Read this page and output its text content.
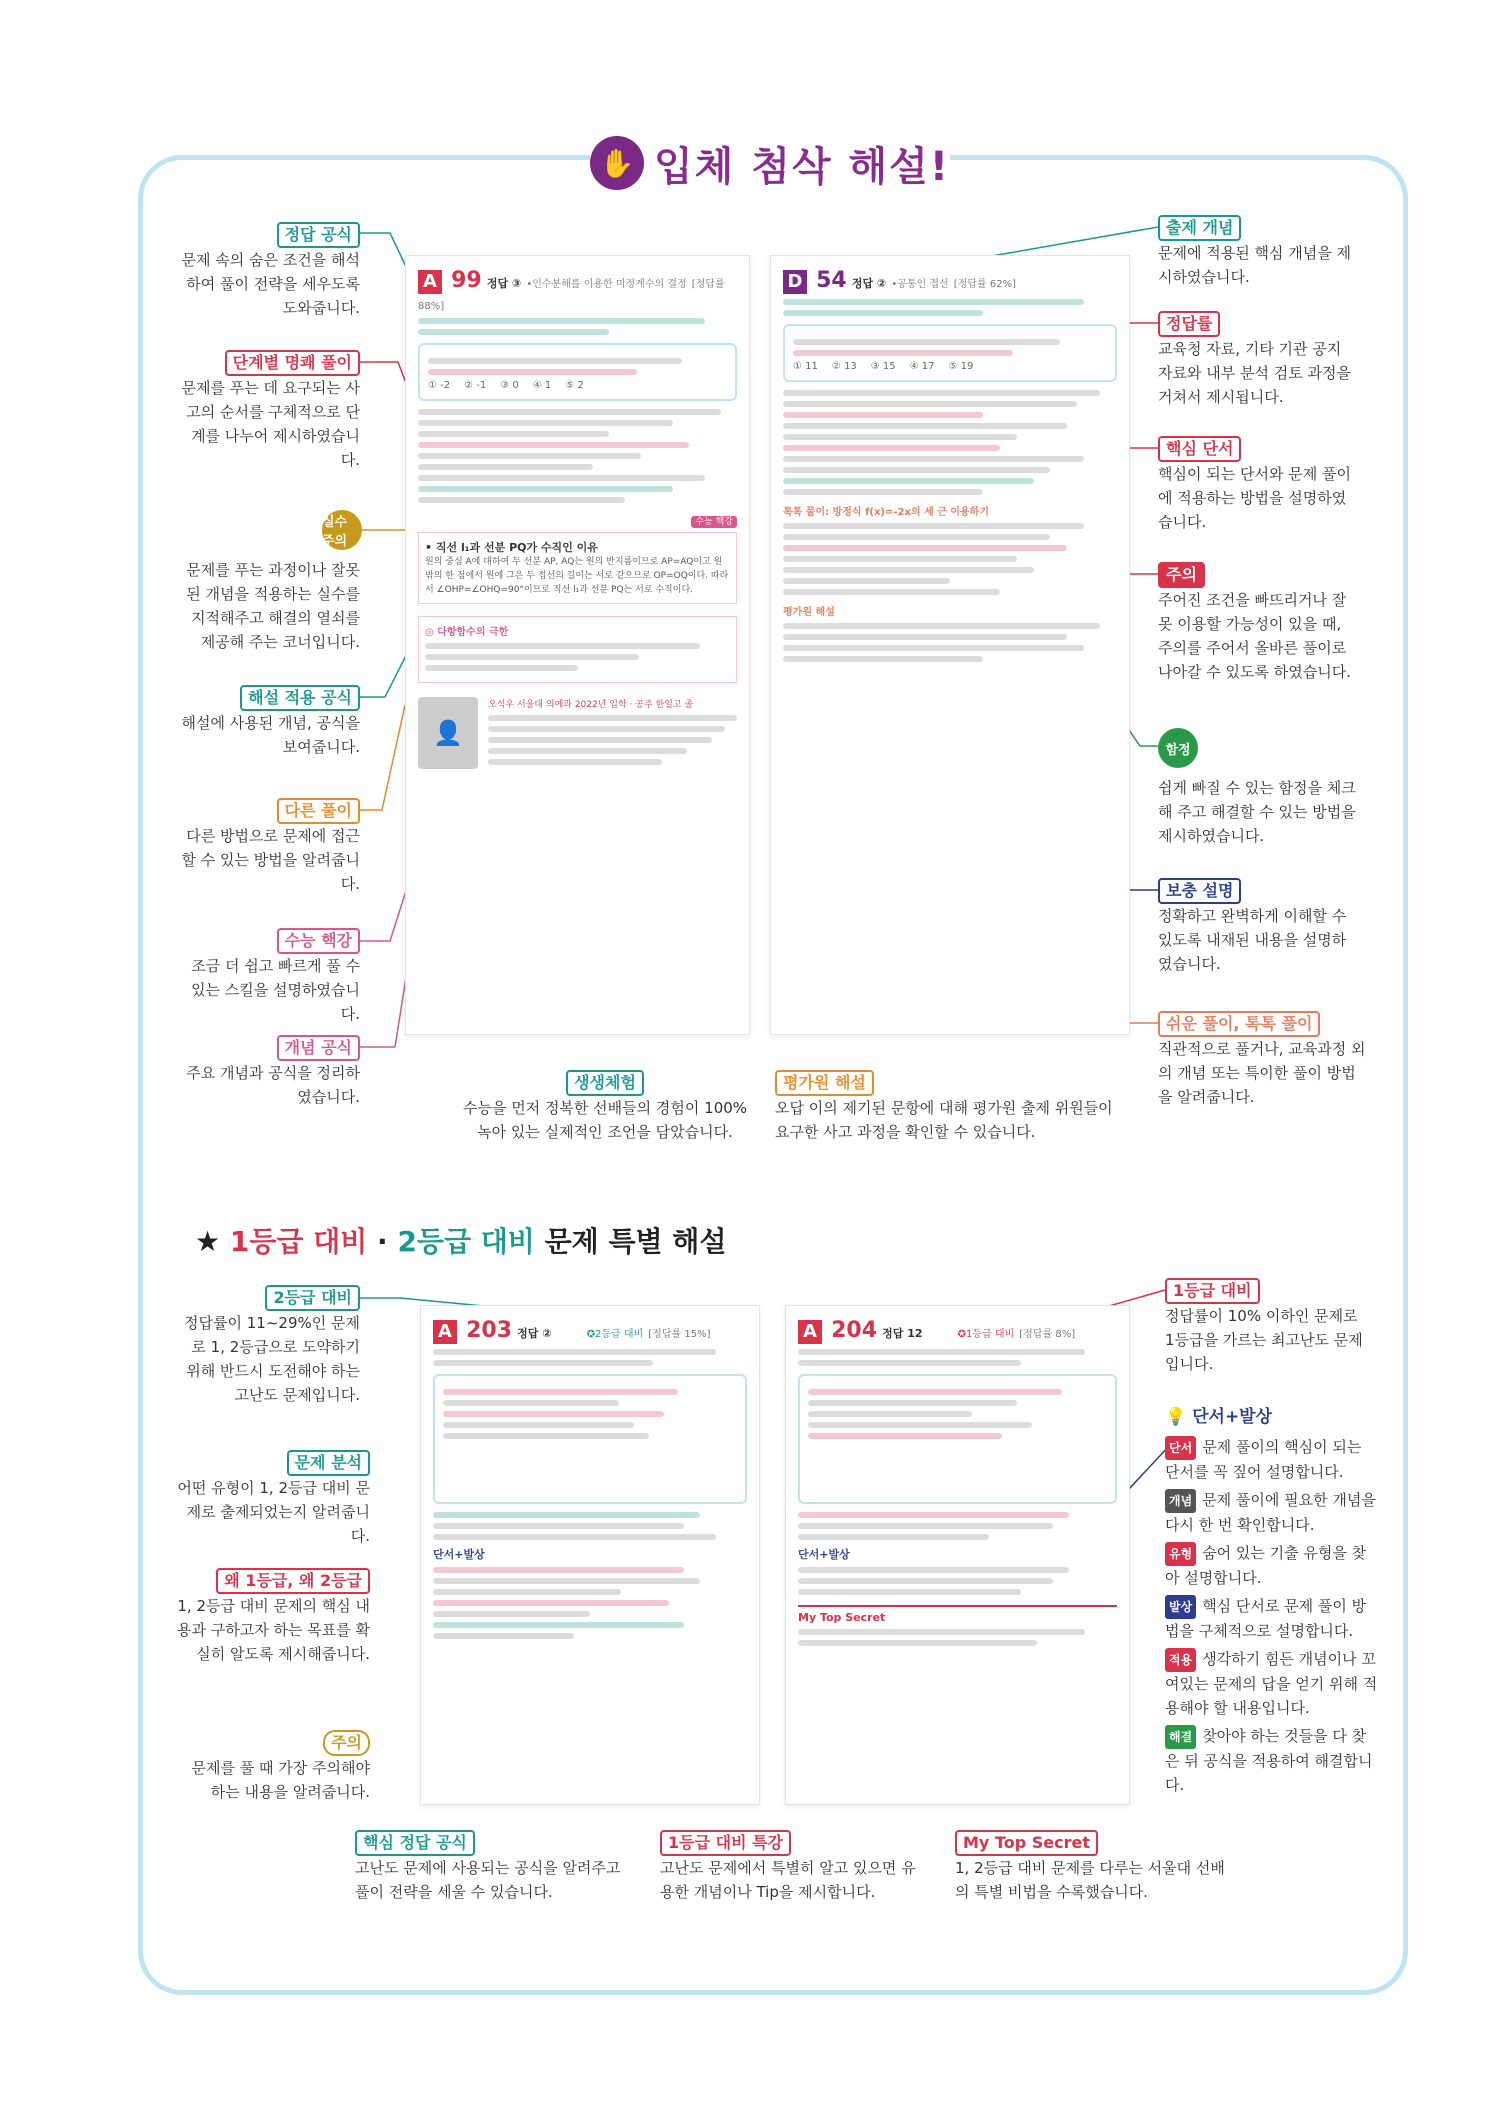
✋ 입체 첨삭 해설!
정답 공식
문제 속의 숨은 조건을 해석하여 풀이 전략을 세우도록 도와줍니다.
단계별 명쾌 풀이
문제를 푸는 데 요구되는 사고의 순서를 구체적으로 단계를 나누어 제시하였습니다.
실수 주의
문제를 푸는 과정이나 잘못된 개념을 적용하는 실수를 지적해주고 해결의 열쇠를 제공해 주는 코너입니다.
해설 적용 공식
해설에 사용된 개념, 공식을 보여줍니다.
다른 풀이
다른 방법으로 문제에 접근할 수 있는 방법을 알려줍니다.
수능 핵강
조금 더 쉽고 빠르게 풀 수 있는 스킬을 설명하였습니다.
개념 공식
주요 개념과 공식을 정리하였습니다.
출제 개념
문제에 적용된 핵심 개념을 제시하였습니다.
정답률
교육청 자료, 기타 기관 공지 자료와 내부 분석 검토 과정을 거쳐서 제시됩니다.
핵심 단서
핵심이 되는 단서와 문제 풀이에 적용하는 방법을 설명하였습니다.
주의
주어진 조건을 빠뜨리거나 잘못 이용할 가능성이 있을 때, 주의를 주어서 올바른 풀이로 나아갈 수 있도록 하였습니다.
함정
쉽게 빠질 수 있는 함정을 체크해 주고 해결할 수 있는 방법을 제시하였습니다.
보충 설명
정확하고 완벽하게 이해할 수 있도록 내재된 내용을 설명하였습니다.
쉬운 풀이, 톡톡 풀이
직관적으로 풀거나, 교육과정 외의 개념 또는 특이한 풀이 방법을 알려줍니다.
A 99 정답 ③ •인수분해를 이용한 미정계수의 결정 [정답률 88%]
① -2 ② -1 ③ 0 ④ 1 ⑤ 2
수능 핵강
• 직선 l₁과 선분 PQ가 수직인 이유
원의 중심 A에 대하여 두 선분 AP, AQ는 원의 반지름이므로 AP=AQ이고 원 밖의 한 점에서 원에 그은 두 접선의 길이는 서로 같으므로 OP=OQ이다. 따라서 ∠OHP=∠OHQ=90°이므로 직선 l₁과 선분 PQ는 서로 수직이다.
◎ 다항함수의 극한
👤
오석우 서울대 의예과 2022년 입학 · 공주 한일고 졸
D 54 정답 ② •공통인 접선 [정답률 62%]
① 11 ② 13 ③ 15 ④ 17 ⑤ 19
톡톡 풀이: 방정식 f(x)=-2x의 세 근 이용하기
평가원 해설
생생체험
수능을 먼저 정복한 선배들의 경험이 100% 녹아 있는 실제적인 조언을 담았습니다.
평가원 해설
오답 이의 제기된 문항에 대해 평가원 출제 위원들이 요구한 사고 과정을 확인할 수 있습니다.
★ 1등급 대비 · 2등급 대비 문제 특별 해설
2등급 대비
정답률이 11∼29%인 문제로 1, 2등급으로 도약하기 위해 반드시 도전해야 하는 고난도 문제입니다.
문제 분석
어떤 유형이 1, 2등급 대비 문제로 출제되었는지 알려줍니다.
왜 1등급, 왜 2등급
1, 2등급 대비 문제의 핵심 내용과 구하고자 하는 목표를 확실히 알도록 제시해줍니다.
주의
문제를 풀 때 가장 주의해야 하는 내용을 알려줍니다.
A 203 정답 ②	✪2등급 대비 [정답률 15%]
단서+발상
A 204 정답 12	✪1등급 대비 [정답률 8%]
단서+발상
My Top Secret
1등급 대비
정답률이 10% 이하인 문제로 1등급을 가르는 최고난도 문제입니다.
💡 단서+발상
단서 문제 풀이의 핵심이 되는 단서를 꼭 짚어 설명합니다.
개념 문제 풀이에 필요한 개념을 다시 한 번 확인합니다.
유형 숨어 있는 기출 유형을 찾아 설명합니다.
발상 핵심 단서로 문제 풀이 방법을 구체적으로 설명합니다.
적용 생각하기 힘든 개념이나 꼬여있는 문제의 답을 얻기 위해 적용해야 할 내용입니다.
해결 찾아야 하는 것들을 다 찾은 뒤 공식을 적용하여 해결합니다.
핵심 정답 공식
고난도 문제에 사용되는 공식을 알려주고 풀이 전략을 세울 수 있습니다.
1등급 대비 특강
고난도 문제에서 특별히 알고 있으면 유용한 개념이나 Tip을 제시합니다.
My Top Secret
1, 2등급 대비 문제를 다루는 서울대 선배의 특별 비법을 수록했습니다.
